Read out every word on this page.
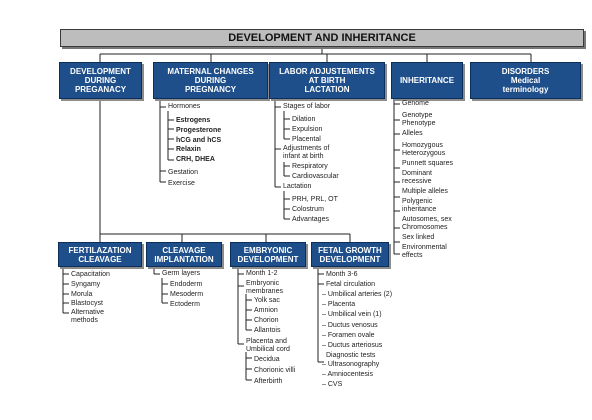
DEVELOPMENT AND INHERITANCE
DEVELOPMENT
DURING
PREGANACY
MATERNAL CHANGES
DURING
PREGNANCY
LABOR ADJUSTEMENTS
AT BIRTH
LACTATION
INHERITANCE
DISORDERS
Medical
terminology
FERTILAZATION
CLEAVAGE
CLEAVAGE
IMPLANTATION
EMBRYONIC
DEVELOPMENT
FETAL GROWTH
DEVELOPMENT
Hormones
Estrogens
Progesterone
hCG and hCS
Relaxin
CRH, DHEA
Gestation
Exercise
Stages of labor
Dilation
Expulsion
Placental
Adjustments of
infant at birth
Respiratory
Cardiovascular
Lactation
PRH, PRL, OT
Colostrum
Advantages
Genome
Genotype
Phenotype
Alleles
Homozygous
Heterozygous
Punnett squares
Dominant
recessive
Multiple alleles
Polygenic
inheritance
Autosomes, sex
Chromosomes
Sex linked
Environmental
effects
Capacitation
Syngamy
Morula
Blastocyst
Alternative
methods
Germ layers
Endoderm
Mesoderm
Ectoderm
Month 1-2
Embryonic
membranes
Yolk sac
Amnion
Chorion
Allantois
Placenta and
Umbilical cord
Decidua
Chorionic villi
Afterbirth
Month 3-6
Fetal circulation
– Umbilical arteries (2)
– Placenta
– Umbilical vein (1)
– Ductus venosus
– Foramen ovale
– Ductus arteriosus
Diagnostic tests
– Ultrasonography
– Amniocentesis
– CVS
